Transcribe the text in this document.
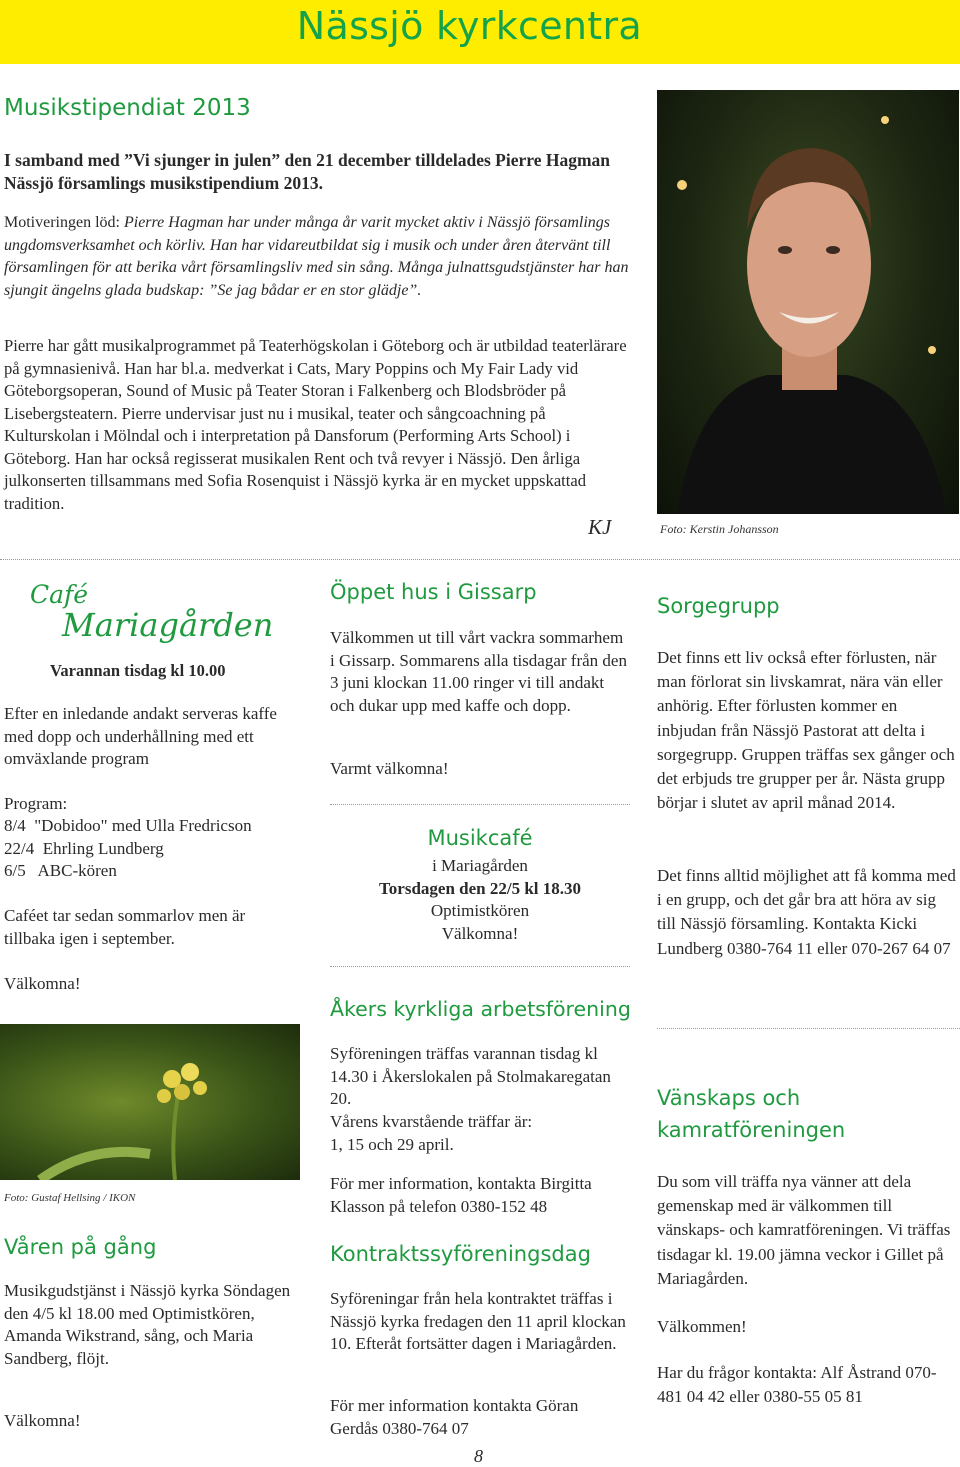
Nässjö kyrkcentra
Musikstipendiat 2013

I samband med ”Vi sjunger in julen” den 21 december tilldelades Pierre Hagman Nässjö församlings musikstipendium 2013.

Motiveringen löd: Pierre Hagman har under många år varit mycket aktiv i Nässjö församlings ungdomsverksamhet och körliv. Han har vidareutbildat sig i musik och under åren återvänt till församlingen för att berika vårt församlingsliv med sin sång. Många julnattsgudstjänster har han sjungit ängelns glada budskap: ”Se jag bådar er en stor glädje”.

Pierre har gått musikalprogrammet på Teaterhögskolan i Göteborg och är utbildad teaterlärare på gymnasienivå. Han har bl.a. medverkat i Cats, Mary Poppins och My Fair Lady vid Göteborgsoperan, Sound of Music på Teater Storan i Falkenberg och Blodsbröder på Lisebergsteatern. Pierre undervisar just nu i musikal, teater och sångcoachning på Kulturskolan i Mölndal och i interpretation på Dansforum (Performing Arts School) i Göteborg. Han har också regisserat musikalen Rent och två revyer i Nässjö. Den årliga julkonserten tillsammans med Sofia Rosenquist i Nässjö kyrka är en mycket uppskattad tradition.

KJ	Foto: Kerstin Johansson
Café
Mariagården
Varannan tisdag kl 10.00

Efter en inledande andakt serveras kaffe med dopp och underhållning med ett omväxlande program

Program:
8/4  "Dobidoo" med Ulla Fredricson
22/4  Ehrling Lundberg
6/5   ABC-kören

Caféet tar sedan sommarlov men är tillbaka igen i september.

Välkomna!
Foto: Gustaf Hellsing / IKON
Våren på gång

Musikgudstjänst i Nässjö kyrka Söndagen den 4/5 kl 18.00 med Optimistkören, Amanda Wikstrand, sång, och Maria Sandberg, flöjt.

Välkomna!
Öppet hus i Gissarp

Välkommen ut till vårt vackra sommarhem i Gissarp. Sommarens alla tisdagar från den 3 juni klockan 11.00 ringer vi till andakt och dukar upp med kaffe och dopp.

Varmt välkomna!
Musikcafé
i Mariagården
Torsdagen den 22/5 kl 18.30
Optimistkören
Välkomna!
Åkers kyrkliga arbetsförening

Syföreningen träffas varannan tisdag kl 14.30 i Åkerslokalen på Stolmakaregatan 20.

Vårens kvarstående träffar är:
1, 15 och 29 april.

För mer information, kontakta Birgitta Klasson på telefon 0380-152 48

Kontraktssyföreningsdag

Syföreningar från hela kontraktet träffas i Nässjö kyrka fredagen den 11 april klockan 10. Efteråt fortsätter dagen i Mariagården.

För mer information kontakta Göran Gerdås 0380-764 07

Sorgegrupp

Det finns ett liv också efter förlusten, när man förlorat sin livskamrat, nära vän eller anhörig. Efter förlusten kommer en inbjudan från Nässjö Pastorat att delta i sorgegrupp. Gruppen träffas sex gånger och det erbjuds tre grupper per år. Nästa grupp börjar i slutet av april månad 2014.

Det finns alltid möjlighet att få komma med i en grupp, och det går bra att höra av sig till Nässjö församling. Kontakta Kicki Lundberg 0380-764 11 eller 070-267 64 07

Vänskaps och
kamratföreningen

Du som vill träffa nya vänner att dela gemenskap med är välkommen till vänskaps- och kamratföreningen. Vi träffas tisdagar kl. 19.00 jämna veckor i Gillet på Mariagården.

Välkommen!

Har du frågor kontakta: Alf Åstrand 070-481 04 42 eller 0380-55 05 81

8
